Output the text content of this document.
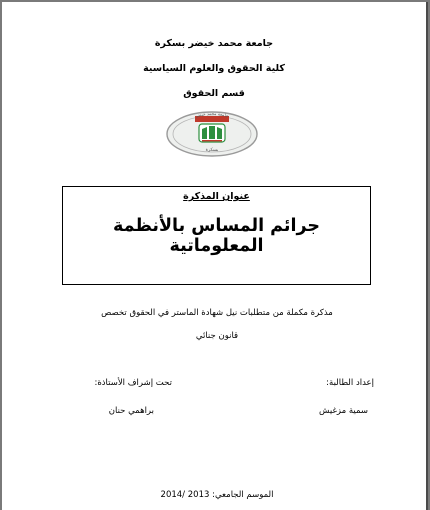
جامعة محمد خيضر بسكرة
كلية الحقوق والعلوم السياسية
قسم الحقوق
جامعة محمد خيضر
بسكرة
عنوان المذكرة
جرائم المساس بالأنظمة المعلوماتية
مذكرة مكملة من متطلبات نيل شهادة الماستر في الحقوق تخصص
قانون جنائي
إعداد الطالبة:
تحت إشراف الأستاذة:
سمية مزغيش
براهمي حنان
الموسم الجامعي: 2013 /2014
